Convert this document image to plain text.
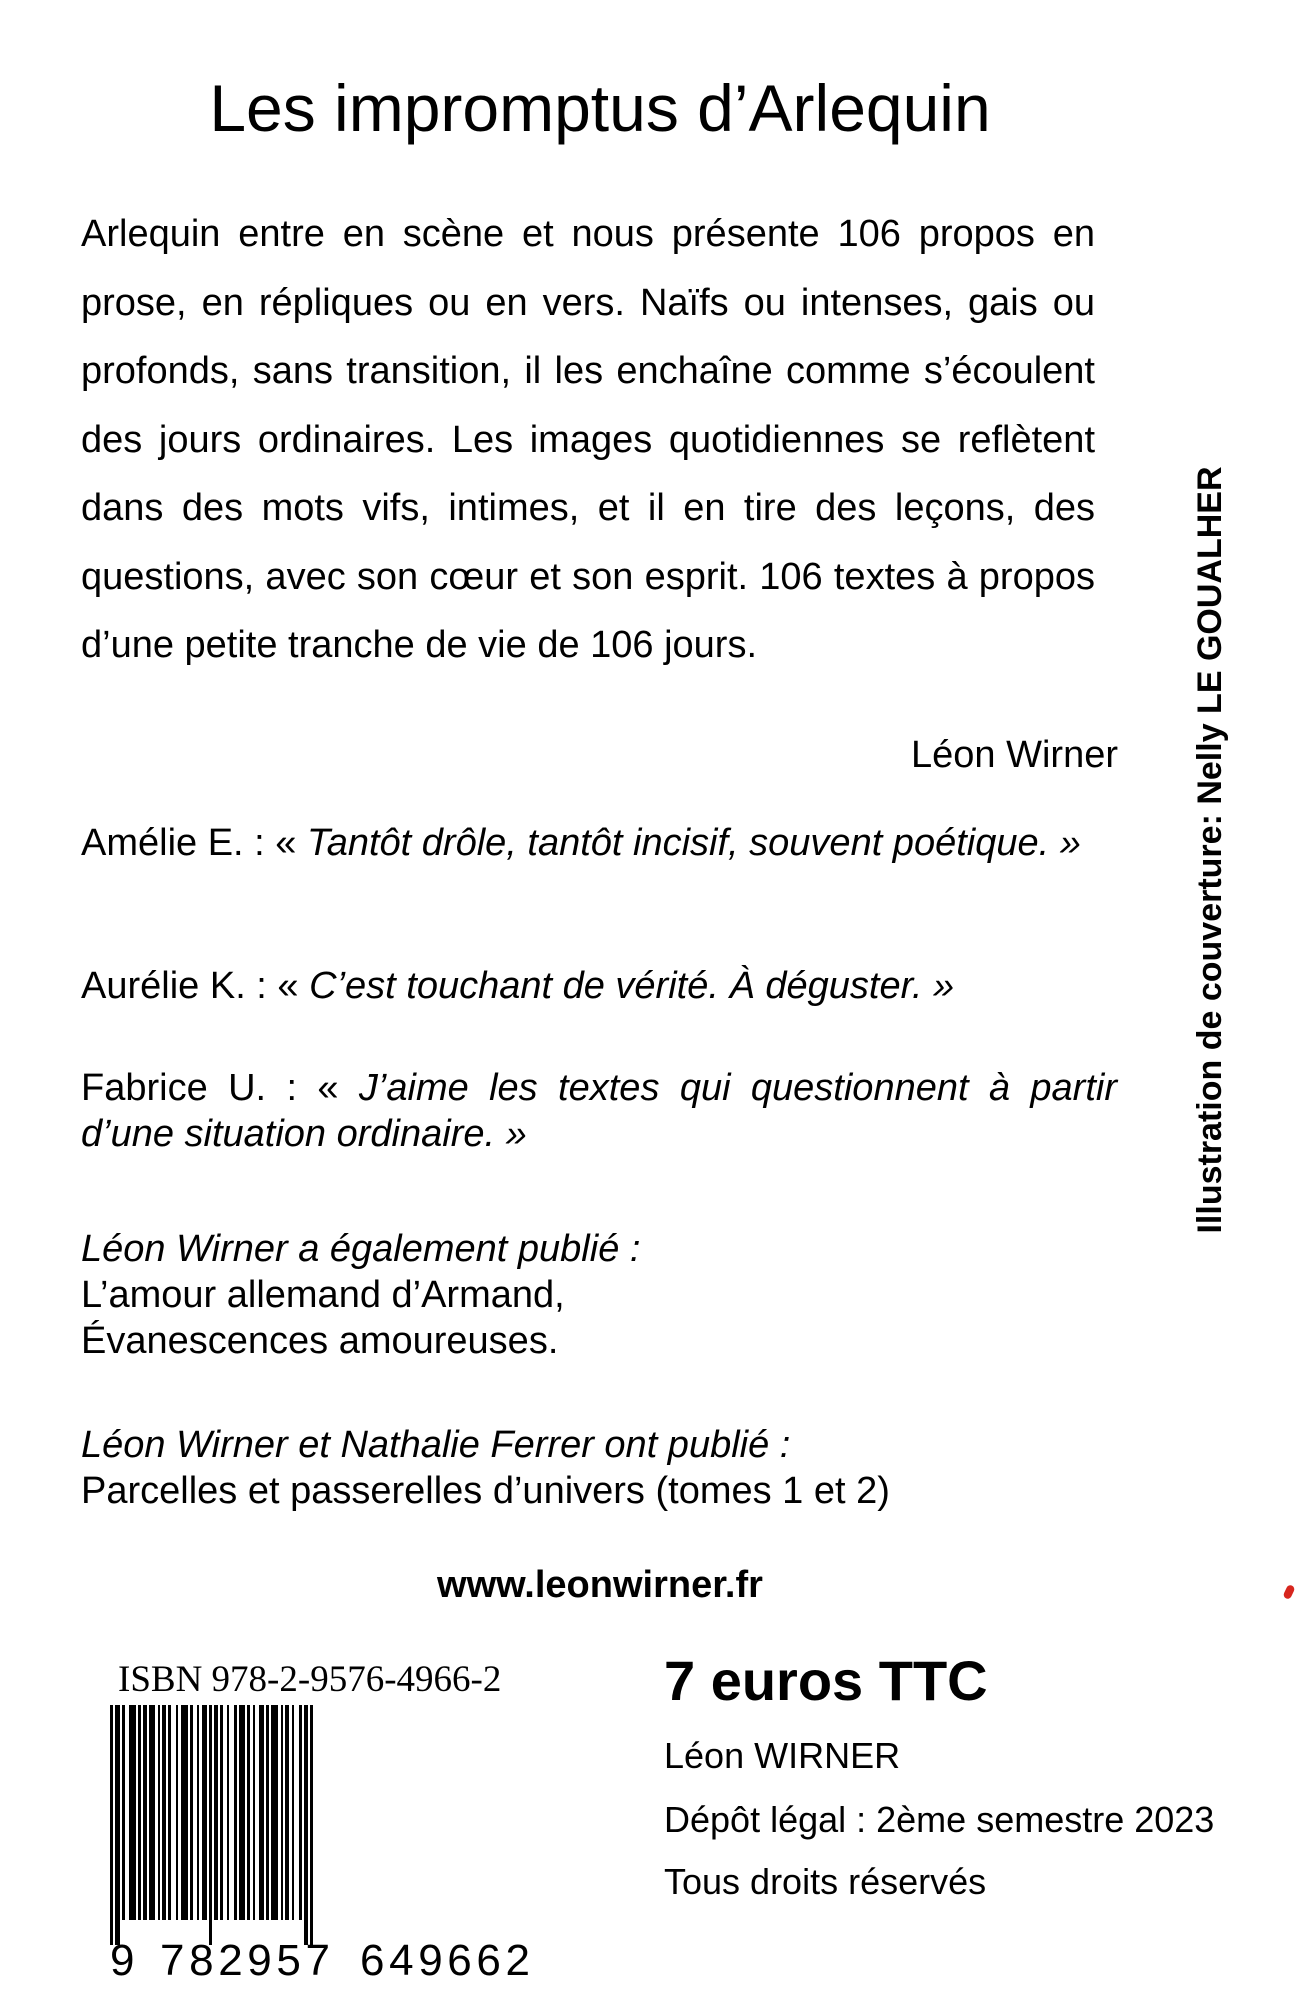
Les impromptus d’Arlequin

Arlequin entre en scène et nous présente 106 propos en prose, en répliques ou en vers. Naïfs ou intenses, gais ou profonds, sans transition, il les enchaîne comme s’écoulent des jours ordinaires. Les images quotidiennes se reflètent dans des mots vifs, intimes, et il en tire des leçons, des questions, avec son cœur et son esprit. 106 textes à propos d’une petite tranche de vie de 106 jours.

Léon Wirner

Amélie E. : « Tantôt drôle, tantôt incisif, souvent poétique. »

Aurélie K. : « C’est touchant de vérité. À déguster. »

Fabrice U. : « J’aime les textes qui questionnent à partir d’une situation ordinaire. »

Léon Wirner a également publié :
L’amour allemand d’Armand,
Évanescences amoureuses.
Léon Wirner et Nathalie Ferrer ont publié :
Parcelles et passerelles d’univers (tomes 1 et 2)
www.leonwirner.fr
ISBN 978-2-9576-4966-2
9 782957 649662
7 euros TTC
Léon WIRNER
Dépôt légal : 2ème semestre 2023
Tous droits réservés
Illustration de couverture: Nelly LE GOUALHER
